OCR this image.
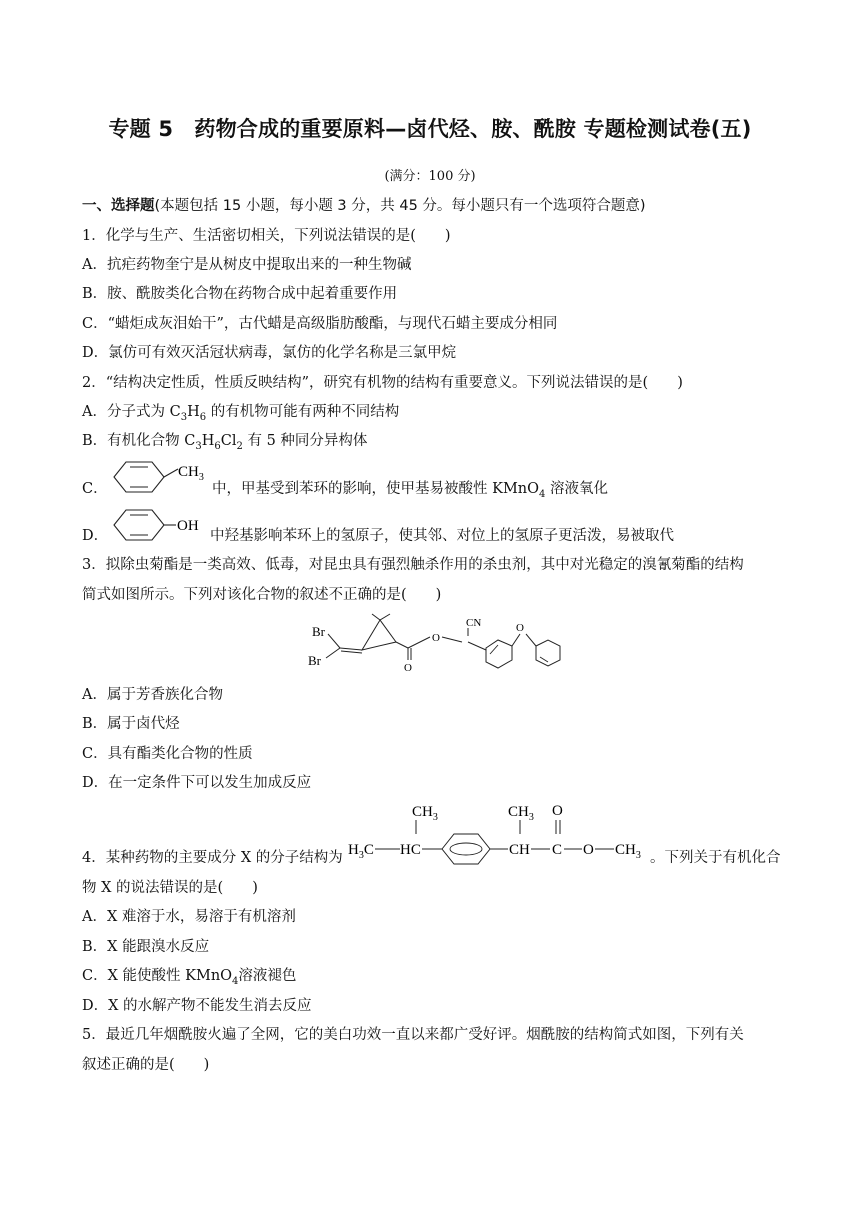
专题 5　药物合成的重要原料—卤代烃、胺、酰胺 专题检测试卷(五)
(满分：100 分)
一、选择题(本题包括 15 小题，每小题 3 分，共 45 分。每小题只有一个选项符合题意)
1．化学与生产、生活密切相关，下列说法错误的是(　　)
A．抗疟药物奎宁是从树皮中提取出来的一种生物碱
B．胺、酰胺类化合物在药物合成中起着重要作用
C．“蜡炬成灰泪始干”，古代蜡是高级脂肪酸酯，与现代石蜡主要成分相同
D．氯仿可有效灭活冠状病毒，氯仿的化学名称是三氯甲烷
2．“结构决定性质，性质反映结构”，研究有机物的结构有重要意义。下列说法错误的是(　　)
A．分子式为 $C_3H_6$ 的有机物可能有两种不同结构
B．有机化合物 $C_3H_6Cl_2$ 有 5 种同分异构体
C．
$CH_3$
中，甲基受到苯环的影响，使甲基易被酸性 KMnO$_4$ 溶液氧化
D．
OH
中羟基影响苯环上的氢原子，使其邻、对位上的氢原子更活泼，易被取代
3．拟除虫菊酯是一类高效、低毒，对昆虫具有强烈触杀作用的杀虫剂，其中对光稳定的溴氰菊酯的结构
简式如图所示。下列对该化合物的叙述不正确的是(　　)
Br
Br	O
O
CN	O
A．属于芳香族化合物
B．属于卤代烃
C．具有酯类化合物的性质
D．在一定条件下可以发生加成反应
4．某种药物的主要成分 X 的分子结构为 $H_3C$ HC
$CH_3$
CH
$CH_3$
C
O
O $CH_3$ 。下列关于有机化合
物 X 的说法错误的是(　　)
A．X 难溶于水，易溶于有机溶剂
B．X 能跟溴水反应
C．X 能使酸性 KMnO$_4$溶液褪色
D．X 的水解产物不能发生消去反应
5．最近几年烟酰胺火遍了全网，它的美白功效一直以来都广受好评。烟酰胺的结构简式如图，下列有关
叙述正确的是(　　)
